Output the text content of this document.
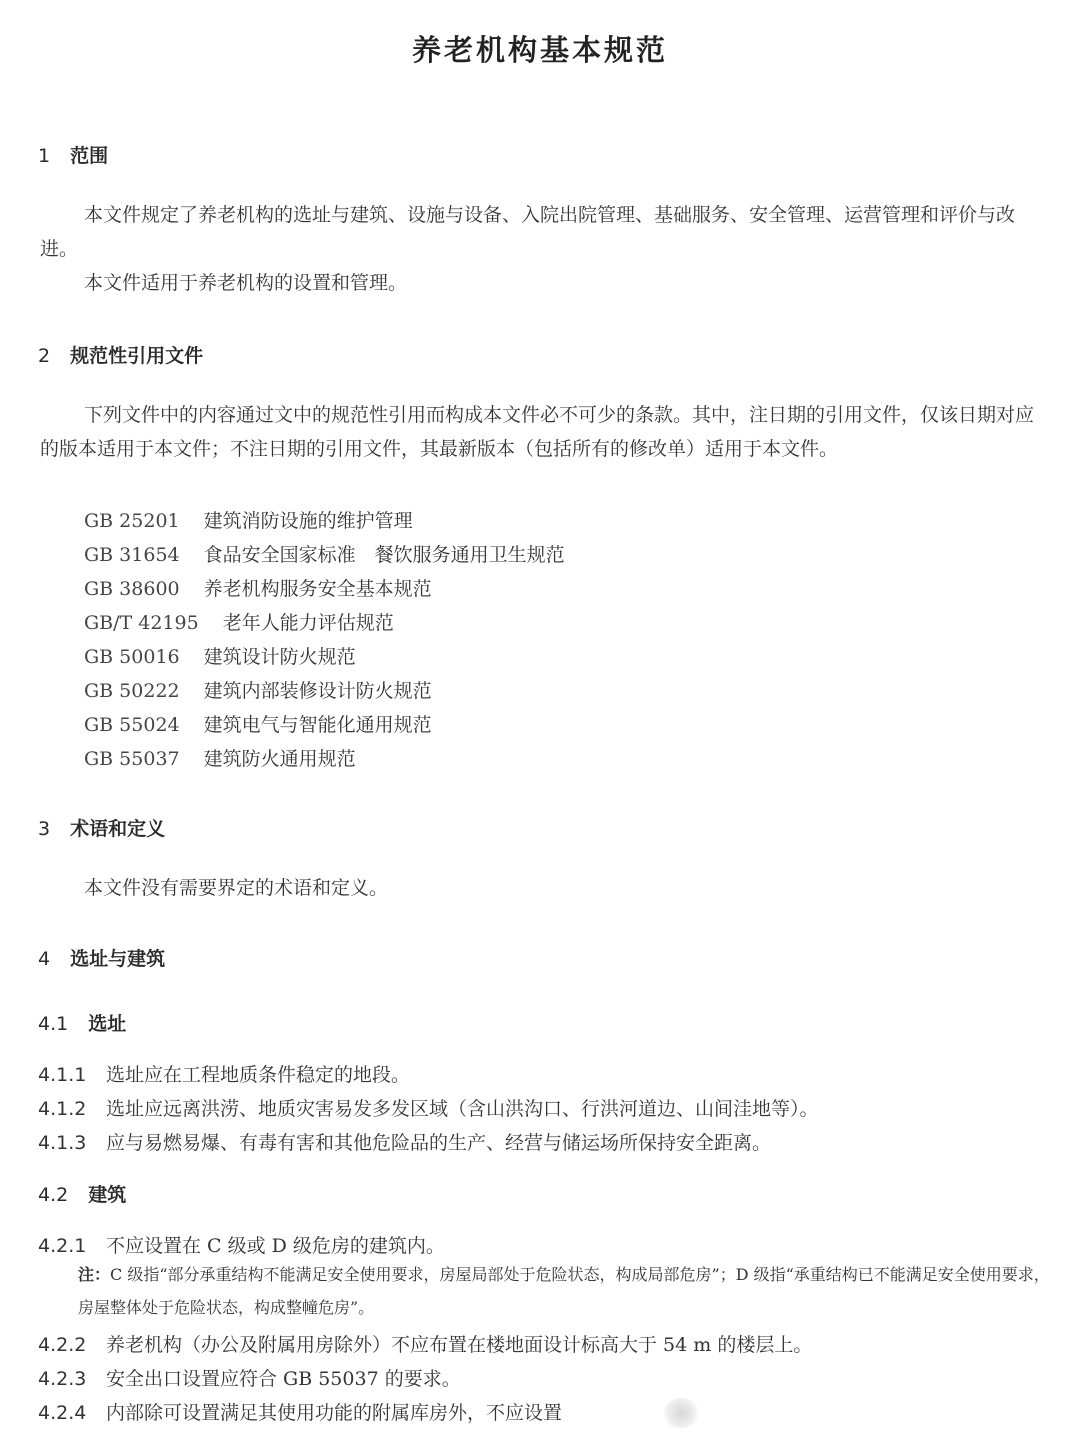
养老机构基本规范
1 范围
本文件规定了养老机构的选址与建筑、设施与设备、入院出院管理、基础服务、安全管理、运营管理和评价与改进。
本文件适用于养老机构的设置和管理。
2 规范性引用文件
下列文件中的内容通过文中的规范性引用而构成本文件必不可少的条款。其中，注日期的引用文件，仅该日期对应的版本适用于本文件；不注日期的引用文件，其最新版本（包括所有的修改单）适用于本文件。
GB 25201 建筑消防设施的维护管理
GB 31654 食品安全国家标准　餐饮服务通用卫生规范
GB 38600 养老机构服务安全基本规范
GB/T 42195 老年人能力评估规范
GB 50016 建筑设计防火规范
GB 50222 建筑内部装修设计防火规范
GB 55024 建筑电气与智能化通用规范
GB 55037 建筑防火通用规范
3 术语和定义
本文件没有需要界定的术语和定义。
4 选址与建筑
4.1 选址
4.1.1 选址应在工程地质条件稳定的地段。
4.1.2 选址应远离洪涝、地质灾害易发多发区域（含山洪沟口、行洪河道边、山间洼地等）。
4.1.3 应与易燃易爆、有毒有害和其他危险品的生产、经营与储运场所保持安全距离。
4.2 建筑
4.2.1 不应设置在 C 级或 D 级危房的建筑内。
注：C 级指“部分承重结构不能满足安全使用要求，房屋局部处于危险状态，构成局部危房”；D 级指“承重结构已不能满足安全使用要求，房屋整体处于危险状态，构成整幢危房”。
4.2.2 养老机构（办公及附属用房除外）不应布置在楼地面设计标高大于 54 m 的楼层上。
4.2.3 安全出口设置应符合 GB 55037 的要求。
4.2.4 内部除可设置满足其使用功能的附属库房外，不应设置
